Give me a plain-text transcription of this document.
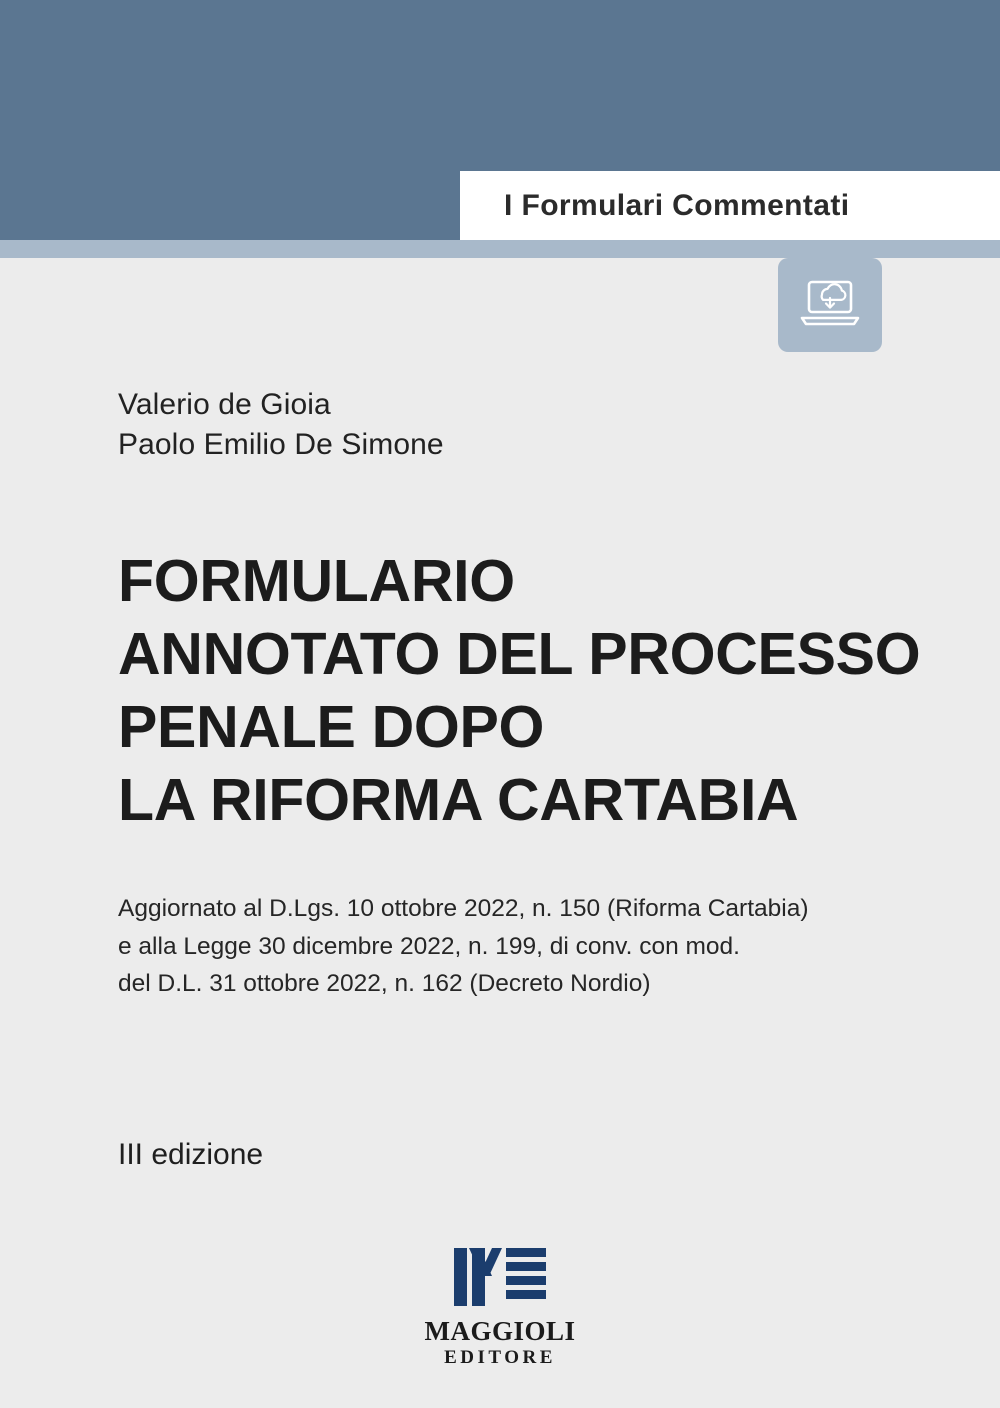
I Formulari Commentati
Valerio de Gioia
Paolo Emilio De Simone
FORMULARIO
ANNOTATO DEL PROCESSO
PENALE DOPO
LA RIFORMA CARTABIA
Aggiornato al D.Lgs. 10 ottobre 2022, n. 150 (Riforma Cartabia)
e alla Legge 30 dicembre 2022, n. 199, di conv. con mod.
del D.L. 31 ottobre 2022, n. 162 (Decreto Nordio)
III edizione
MAGGIOLI
EDITORE
